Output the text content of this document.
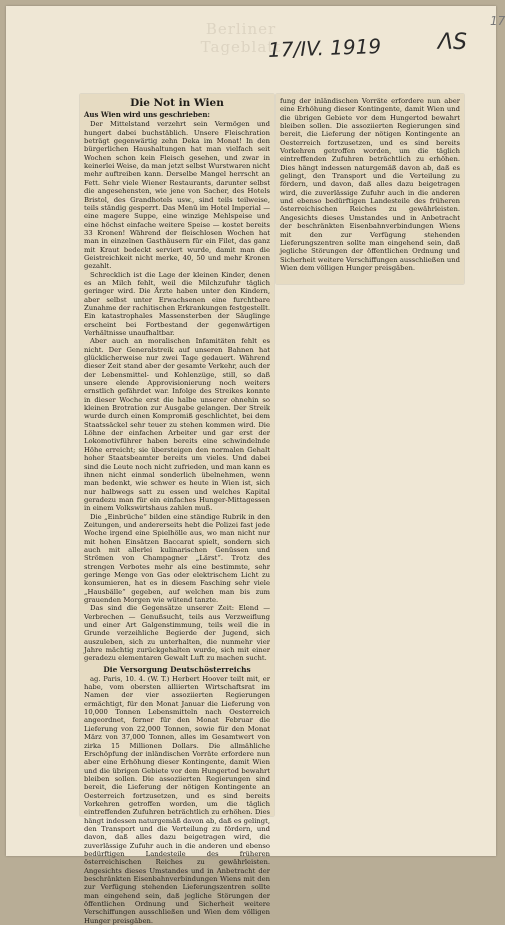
Berliner Tageblatt
17/IV. 1919	ΛS
17
Die Not in Wien
Aus Wien wird uns geschrieben:

Der Mittelstand verzehrt sein Vermögen und hungert dabei buchstäblich. Unsere Fleischration beträgt gegenwärtig zehn Deka im Monat! In den bürgerlichen Haushaltungen hat man vielfach seit Wochen schon kein Fleisch gesehen, und zwar in keinerlei Weise, da man jetzt selbst Wurstwaren nicht mehr auftreiben kann. Derselbe Mangel herrscht an Fett. Sehr viele Wiener Restaurants, darunter selbst die angesehensten, wie jene von Sacher, des Hotels Bristol, des Grandhotels usw., sind teils teilweise, teils ständig gesperrt. Das Menü im Hotel Imperial — eine magere Suppe, eine winzige Mehlspeise und eine höchst einfache weitere Speise — kostet bereits 33 Kronen! Während der fleischlosen Wochen hat man in einzelnen Gasthäusern für ein Filet, das ganz mit Kraut bedeckt serviert wurde, damit man die Geistreichkeit nicht merke, 40, 50 und mehr Kronen gezahlt.

Schrecklich ist die Lage der kleinen Kinder, denen es an Milch fehlt, weil die Milchzufuhr täglich geringer wird. Die Ärzte haben unter den Kindern, aber selbst unter Erwachsenen eine furchtbare Zunahme der rachitischen Erkrankungen festgestellt. Ein katastrophales Massensterben der Säuglinge erscheint bei Fortbestand der gegenwärtigen Verhältnisse unaufhaltbar.

Aber auch an moralischen Infamitäten fehlt es nicht. Der Generalstreik auf unseren Bahnen hat glücklicherweise nur zwei Tage gedauert. Während dieser Zeit stand aber der gesamte Verkehr, auch der der Lebensmittel- und Kohlenzüge, still, so daß unsere elende Approvisionierung noch weiters ernstlich gefährdet war. Infolge des Streikes konnte in dieser Woche erst die halbe unserer ohnehin so kleinen Brotration zur Ausgabe gelangen. Der Streik wurde durch einen Kompromiß geschlichtet, bei dem Staatssäckel sehr teuer zu stehen kommen wird. Die Löhne der einfachen Arbeiter und gar erst der Lokomotivführer haben bereits eine schwindelnde Höhe erreicht; sie übersteigen den normalen Gehalt hoher Staatsbeamter bereits um vieles. Und dabei sind die Leute noch nicht zufrieden, und man kann es ihnen nicht einmal sonderlich übelnehmen, wenn man bedenkt, wie schwer es heute in Wien ist, sich nur halbwegs satt zu essen und welches Kapital geradezu man für ein einfaches Hunger-Mittagessen in einem Volkswirtshaus zahlen muß.

Die „Einbrüche“ bilden eine ständige Rubrik in den Zeitungen, und andererseits hebt die Polizei fast jede Woche irgend eine Spielhölle aus, wo man nicht nur mit hohen Einsätzen Baccarat spielt, sondern sich auch mit allerlei kulinarischen Genüssen und Strömen von Champagner „Lärst“. Trotz des strengen Verbotes mehr als eine bestimmte, sehr geringe Menge von Gas oder elektrischem Licht zu konsumieren, hat es in diesem Fasching sehr viele „Hausbälle“ gegeben, auf welchen man bis zum grauenden Morgen wie wütend tanzte.

Das sind die Gegensätze unserer Zeit: Elend — Verbrechen — Genußsucht, teils aus Verzweiflung und einer Art Galgenstimmung, teils weil die in Grunde verzeihliche Begierde der Jugend, sich auszuleben, sich zu unterhalten, die nunmehr vier Jahre mächtig zurückgehalten wurde, sich mit einer geradezu elementaren Gewalt Luft zu machen sucht.

Die Versorgung Deutschösterreichs

ag. Paris, 10. 4. (W. T.) Herbert Hoover teilt mit, er habe, vom obersten alliierten Wirtschaftsrat im Namen der vier assoziierten Regierungen ermächtigt, für den Monat Januar die Lieferung von 10,000 Tonnen Lebensmitteln nach Oesterreich angeordnet, ferner für den Monat Februar die Lieferung von 22,000 Tonnen, sowie für den Monat März von 37,000 Tonnen, alles im Gesamtwert von zirka 15 Millionen Dollars. Die allmähliche Erschöpfung der inländischen Vorräte erfordere nun aber eine Erhöhung dieser Kontingente, damit Wien und die übrigen Gebiete vor dem Hungertod bewahrt bleiben sollen. Die assoziierten Regierungen sind bereit, die Lieferung der nötigen Kontingente an Oesterreich fortzusetzen, und es sind bereits Vorkehren getroffen worden, um die täglich eintreffenden Zufuhren beträchtlich zu erhöhen. Dies hängt indessen naturgemäß davon ab, daß es gelingt, den Transport und die Verteilung zu fördern, und davon, daß alles dazu beigetragen wird, die zuverlässige Zufuhr auch in die anderen und ebenso bedürftigen Landesteile des früheren österreichischen Reiches zu gewährleisten. Angesichts dieses Umstandes und in Anbetracht der beschränkten Eisenbahnverbindungen Wiens mit den zur Verfügung stehenden Lieferungszentren sollte man eingehend sein, daß jegliche Störungen der öffentlichen Ordnung und Sicherheit weitere Verschiffungen ausschließen und Wien dem völligen Hunger preisgäben.

fung der inländischen Vorräte erfordere nun aber eine Erhöhung dieser Kontingente, damit Wien und die übrigen Gebiete vor dem Hungertod bewahrt bleiben sollen. Die assoziierten Regierungen sind bereit, die Lieferung der nötigen Kontingente an Oesterreich fortzusetzen, und es sind bereits Vorkehren getroffen worden, um die täglich eintreffenden Zufuhren beträchtlich zu erhöhen. Dies hängt indessen naturgemäß davon ab, daß es gelingt, den Transport und die Verteilung zu fördern, und davon, daß alles dazu beigetragen wird, die zuverlässige Zufuhr auch in die anderen und ebenso bedürftigen Landesteile des früheren österreichischen Reiches zu gewährleisten. Angesichts dieses Umstandes und in Anbetracht der beschränkten Eisenbahnverbindungen Wiens mit den zur Verfügung stehenden Lieferungszentren sollte man eingehend sein, daß jegliche Störungen der öffentlichen Ordnung und Sicherheit weitere Verschiffungen ausschließen und Wien dem völligen Hunger preisgäben.
